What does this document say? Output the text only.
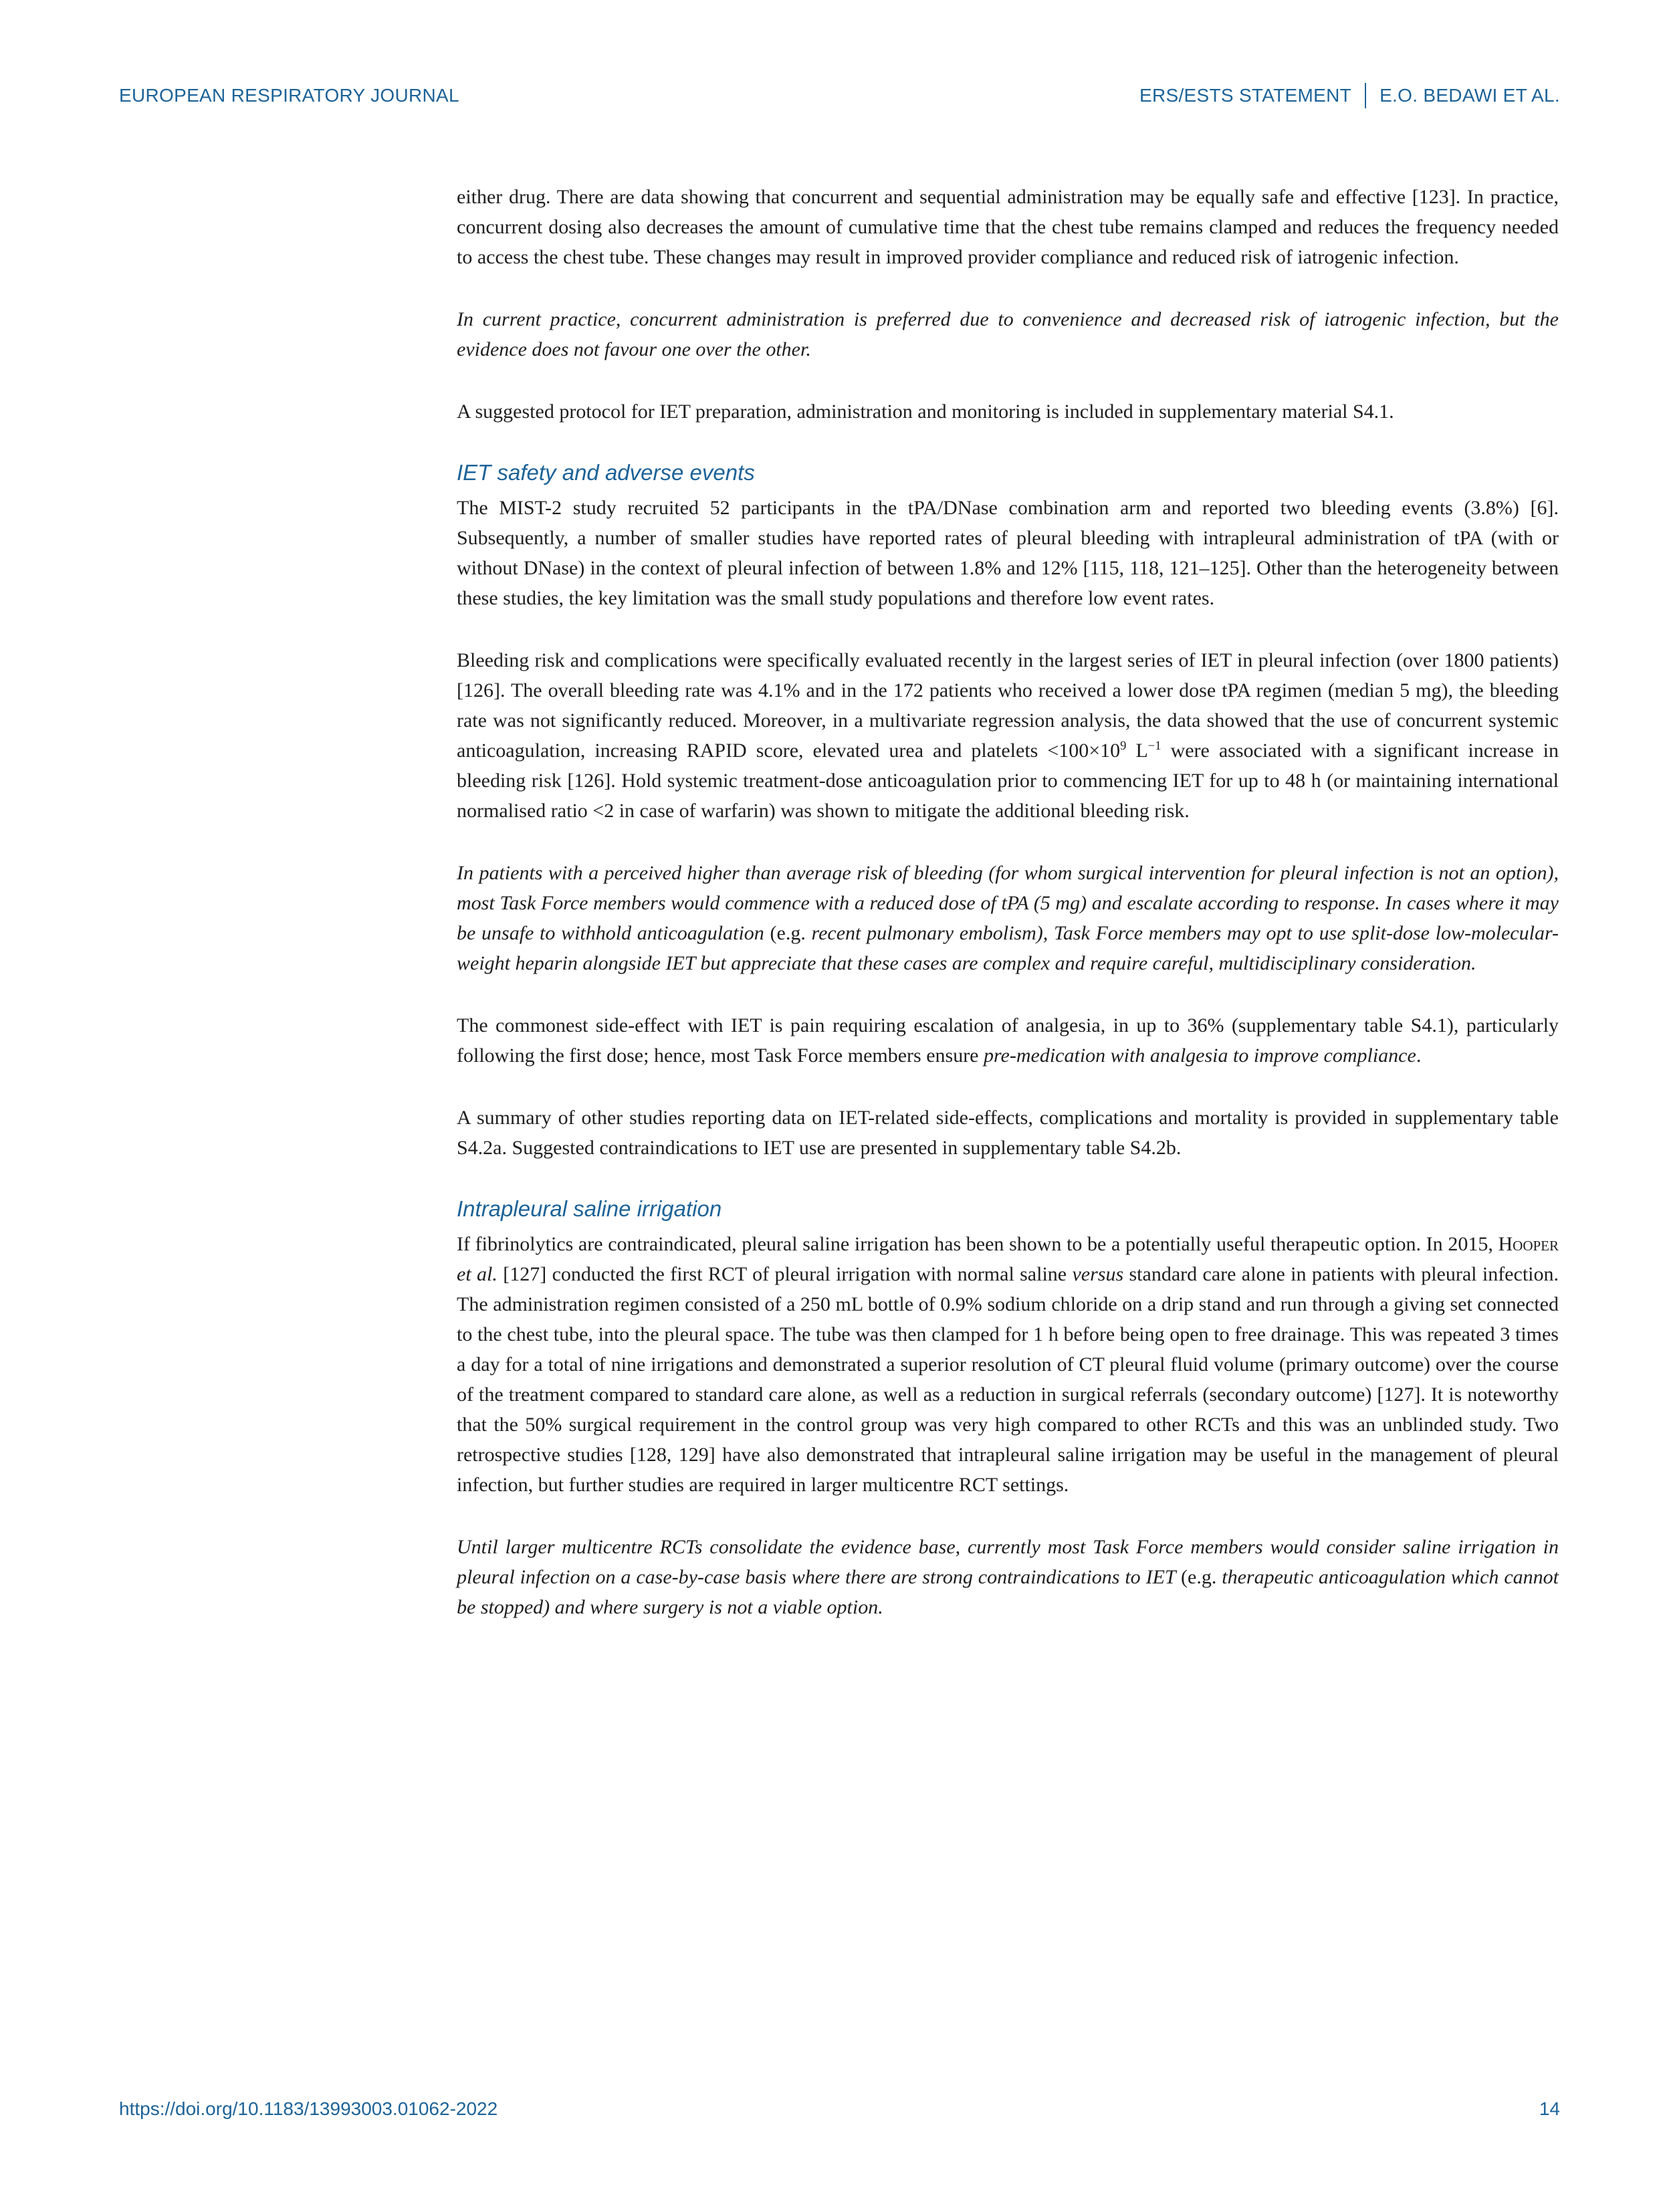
EUROPEAN RESPIRATORY JOURNAL	ERS/ESTS STATEMENT E.O. BEDAWI ET AL.

either drug. There are data showing that concurrent and sequential administration may be equally safe and effective [123]. In practice, concurrent dosing also decreases the amount of cumulative time that the chest tube remains clamped and reduces the frequency needed to access the chest tube. These changes may result in improved provider compliance and reduced risk of iatrogenic infection.

In current practice, concurrent administration is preferred due to convenience and decreased risk of iatrogenic infection, but the evidence does not favour one over the other.

A suggested protocol for IET preparation, administration and monitoring is included in supplementary material S4.1.

IET safety and adverse events

The MIST-2 study recruited 52 participants in the tPA/DNase combination arm and reported two bleeding events (3.8%) [6]. Subsequently, a number of smaller studies have reported rates of pleural bleeding with intrapleural administration of tPA (with or without DNase) in the context of pleural infection of between 1.8% and 12% [115, 118, 121–125]. Other than the heterogeneity between these studies, the key limitation was the small study populations and therefore low event rates.

Bleeding risk and complications were specifically evaluated recently in the largest series of IET in pleural infection (over 1800 patients) [126]. The overall bleeding rate was 4.1% and in the 172 patients who received a lower dose tPA regimen (median 5 mg), the bleeding rate was not significantly reduced. Moreover, in a multivariate regression analysis, the data showed that the use of concurrent systemic anticoagulation, increasing RAPID score, elevated urea and platelets $<100\times 10^9$ $L^{-1}$ were associated with a significant increase in bleeding risk [126]. Hold systemic treatment-dose anticoagulation prior to commencing IET for up to 48 h (or maintaining international normalised ratio <2 in case of warfarin) was shown to mitigate the additional bleeding risk.

In patients with a perceived higher than average risk of bleeding (for whom surgical intervention for pleural infection is not an option), most Task Force members would commence with a reduced dose of tPA (5 mg) and escalate according to response. In cases where it may be unsafe to withhold anticoagulation (e.g. recent pulmonary embolism), Task Force members may opt to use split-dose low-molecular-weight heparin alongside IET but appreciate that these cases are complex and require careful, multidisciplinary consideration.

The commonest side-effect with IET is pain requiring escalation of analgesia, in up to 36% (supplementary table S4.1), particularly following the first dose; hence, most Task Force members ensure pre-medication with analgesia to improve compliance.

A summary of other studies reporting data on IET-related side-effects, complications and mortality is provided in supplementary table S4.2a. Suggested contraindications to IET use are presented in supplementary table S4.2b.

Intrapleural saline irrigation

If fibrinolytics are contraindicated, pleural saline irrigation has been shown to be a potentially useful therapeutic option. In 2015, Hooper et al. [127] conducted the first RCT of pleural irrigation with normal saline versus standard care alone in patients with pleural infection. The administration regimen consisted of a 250 mL bottle of 0.9% sodium chloride on a drip stand and run through a giving set connected to the chest tube, into the pleural space. The tube was then clamped for 1 h before being open to free drainage. This was repeated 3 times a day for a total of nine irrigations and demonstrated a superior resolution of CT pleural fluid volume (primary outcome) over the course of the treatment compared to standard care alone, as well as a reduction in surgical referrals (secondary outcome) [127]. It is noteworthy that the 50% surgical requirement in the control group was very high compared to other RCTs and this was an unblinded study. Two retrospective studies [128, 129] have also demonstrated that intrapleural saline irrigation may be useful in the management of pleural infection, but further studies are required in larger multicentre RCT settings.

Until larger multicentre RCTs consolidate the evidence base, currently most Task Force members would consider saline irrigation in pleural infection on a case-by-case basis where there are strong contraindications to IET (e.g. therapeutic anticoagulation which cannot be stopped) and where surgery is not a viable option.

https://doi.org/10.1183/13993003.01062-2022	14
